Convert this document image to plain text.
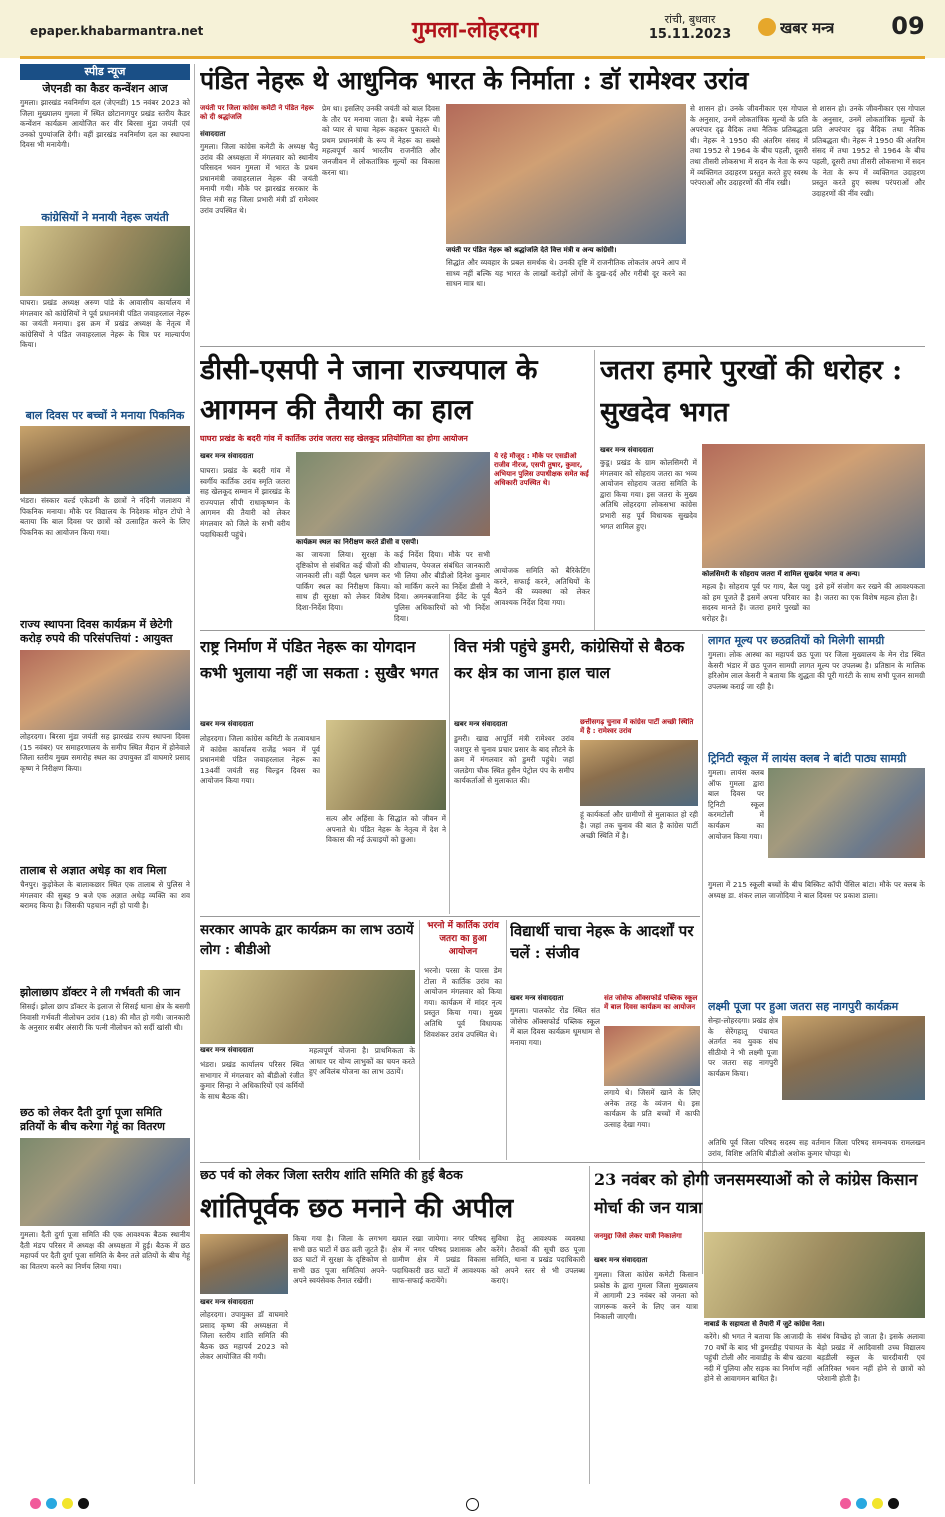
epaper.khabarmantra.net	गुमला-लोहरदगा	रांची, बुधवार
15.11.2023	खबर मन्त्र 09
स्पीड न्यूज
जेएनडी का कैडर कन्वेंशन आज
गुमला। झारखंड नवनिर्माण दल (जेएनडी) 15 नवंबर 2023 को जिला मुख्यालय गुमला में स्थित छोटानागपुर प्रखंड स्तरीय कैडर कन्वेंशन कार्यक्रम आयोजित कर वीर बिरसा मुंडा जयंती एवं उनको पुण्यांजलि देगी। वहीं झारखंड नवनिर्माण दल का स्थापना दिवस भी मनायेगी।
कांग्रेसियों ने मनायी नेहरू जयंती
घाघरा। प्रखंड अध्यक्ष अरुण पांडे के आवासीय कार्यालय में मंगलवार को कांग्रेसियों ने पूर्व प्रधानमंत्री पंडित जवाहरलाल नेहरू का जयंती मनाया। इस क्रम में प्रखंड अध्यक्ष के नेतृत्व में कांग्रेसियों ने पंडित जवाहरलाल नेहरू के चित्र पर माल्यार्पण किया।
बाल दिवस पर बच्चों ने मनाया पिकनिक
भंडरा। संस्कार वर्ल्ड एकेडमी के छात्रों ने नंदिनी जलाशय में पिकनिक मनाया। मौके पर विद्यालय के निदेशक मोहन टोपो ने बताया कि बाल दिवस पर छात्रों को उत्साहित करने के लिए पिकनिक का आयोजन किया गया।
राज्य स्थापना दिवस कार्यक्रम में छेटेगी करोड़ रुपये की परिसंपत्तियां : आयुक्त
लोहरदगा। बिरसा मुंडा जयंती सह झारखंड राज्य स्थापना दिवस (15 नवंबर) पर समाहरणालय के समीप स्थित मैदान में होनेवाले जिला स्तरीय मुख्य समारोह स्थल का उपायुक्त डॉ वाघमारे प्रसाद कृष्ण ने निरीक्षण किया।
तालाब से अज्ञात अधेड़ का शव मिला
चैनपुर। कुड़ोकेल के बालाकछार स्थित एक तालाब से पुलिस ने मंगलवार की सुबह 9 बजे एक अज्ञात अधेड़ व्यक्ति का शव बरामद किया है। जिसकी पहचान नहीं हो पायी है।
झोलाछाप डॉक्टर ने ली गर्भवती की जान
सिसई। झोला छाप डॉक्टर के इलाज से सिसई थाना क्षेत्र के बसगी निवासी गर्भवती नीलोचन उरांव (18) की मौत हो गयी। जानकारी के अनुसार सबीर अंसारी कि पत्नी नीलोचन को सर्दी खांसी थी।
छठ को लेकर दैती दुर्गा पूजा समिति व्रतियों के बीच करेगा गेहूं का वितरण
गुमला। दैती दुर्गा पूजा समिति की एक आवश्यक बैठक स्थानीय दैती मंडप परिसर में अध्यक्ष की अध्यक्षता में हुई। बैठक में छठ महापर्व पर दैती दुर्गा पूजा समिति के बैनर तले व्रतियों के बीच गेहूं का वितरण करने का निर्णय लिया गया।
पंडित नेहरू थे आधुनिक भारत के निर्माता : डॉ रामेश्वर उरांव
जयंती पर जिला कांग्रेस कमेटी ने पंडित नेहरू को दी श्रद्धांजलि
संवाददाता
गुमला। जिला कांग्रेस कमेटी के अध्यक्ष चैतू उरांव की अध्यक्षता में मंगलवार को स्थानीय परिसदन भवन गुमला में भारत के प्रथम प्रधानमंत्री जवाहरलाल नेहरू की जयंती मनायी गयी। मौके पर झारखंड सरकार के वित्त मंत्री सह जिला प्रभारी मंत्री डॉ रामेश्वर उरांव उपस्थित थे।
प्रेम था। इसलिए उनकी जयंती को बाल दिवस के तौर पर मनाया जाता है। बच्चे नेहरू जी को प्यार से चाचा नेहरू कहकर पुकारते थे। प्रथम प्रधानमंत्री के रूप में नेहरू का सबसे महत्वपूर्ण कार्य भारतीय राजनीति और जनजीवन में लोकतांत्रिक मूल्यों का विकास करना था।
जयंती पर पंडित नेहरू को श्रद्धांजलि देते वित्त मंत्री व अन्य कांग्रेसी।
सिद्धांत और व्यवहार के प्रबल समर्थक थे। उनकी दृष्टि में राजनीतिक लोकतंत्र अपने आप में साध्य नहीं बल्कि यह भारत के लाखों करोड़ों लोगों के दुख-दर्द और गरीबी दूर करने का साधन मात्र था।
से शासन हो। उनके जीवनीकार एस गोपाल के अनुसार, उनमें लोकतांत्रिक मूल्यों के प्रति अपरंपार दृढ़ वैदिक तथा नैतिक प्रतिबद्धता थी। नेहरू ने 1950 की अंतरिम संसद में तथा 1952 से 1964 के बीच पहली, दूसरी तथा तीसरी लोकसभा में सदन के नेता के रूप में व्यक्तिगत उदाहरण प्रस्तुत करते हुए स्वस्थ परंपराओं और उदाहरणों की नींव रखी।
से शासन हो। उनके जीवनीकार एस गोपाल के अनुसार, उनमें लोकतांत्रिक मूल्यों के प्रति अपरंपार दृढ़ वैदिक तथा नैतिक प्रतिबद्धता थी। नेहरू ने 1950 की अंतरिम संसद में तथा 1952 से 1964 के बीच पहली, दूसरी तथा तीसरी लोकसभा में सदन के नेता के रूप में व्यक्तिगत उदाहरण प्रस्तुत करते हुए स्वस्थ परंपराओं और उदाहरणों की नींव रखी।
डीसी-एसपी ने जाना राज्यपाल के आगमन की तैयारी का हाल
घाघरा प्रखंड के बदरी गांव में कार्तिक उरांव जतरा सह खेलकूद प्रतियोगिता का होगा आयोजन
खबर मन्त्र संवाददाता
घाघरा। प्रखंड के बदरी गांव में स्वर्गीय कार्तिक उरांव स्मृति जतरा सह खेलकूद सम्मान में झारखंड के राज्यपाल सीपी राधाकृष्णन के आगमन की तैयारी को लेकर मंगलवार को जिले के सभी वरीय पदाधिकारी पहुंचे।
कार्यक्रम स्थल का निरीक्षण करते डीसी व एसपी।
का जायजा लिया। सुरक्षा के दृष्टिकोण से संबंधित कई चीजों की जानकारी ली। वहीं पैदल भ्रमण कर पार्किंग स्थल का निरीक्षण किया। साथ ही सुरक्षा को लेकर विशेष दिशा-निर्देश दिया।
कई निर्देश दिया। मौके पर सभी शौचालय, पेयजल संबंधित जानकारी भी लिया और बीडीओ दिनेश कुमार को मार्किंग करने का निर्देश डीसी ने दिया। अमनबजानिया ईवेंट के पूर्व पुलिस अधिकारियों को भी निर्देश दिया।
ये रहे मौजूद : मौके पर एसडीओ राजीव नीरज, एसपी तुषार, कुमार, अभियान पुलिस उपाधीक्षक समेत कई अधिकारी उपस्थित थे।
आयोजक समिति को बैरिकेटिंग करने, सफाई करने, अतिथियों के बैठने की व्यवस्था को लेकर आवश्यक निर्देश दिया गया।
जतरा हमारे पुरखों की धरोहर : सुखदेव भगत
खबर मन्त्र संवाददाता
कुडू। प्रखंड के ग्राम कोलसिमरी में मंगलवार को सोहराय जतरा का भव्य आयोजन सोहराय जतरा समिति के द्वारा किया गया। इस जतरा के मुख्य अतिथि लोहरदगा लोकसभा कांग्रेस प्रभारी सह पूर्व विधायक सुखदेव भगत शामिल हुए।
कोलसिमरी के सोहराय जतरा में शामिल सुखदेव भगत व अन्य।
महत्व है। सोहराय पूर्व पर गाय, बैल पशु को हम पूजते हैं इसमें अपना परिवार का सदस्य मानते हैं। जतरा हमारे पुरखों का धरोहर है।
इसे हमें संजोग कर रखने की आवश्यकता है। जतरा का एक विशेष महत्व होता है।
राष्ट्र निर्माण में पंडित नेहरू का योगदान कभी भुलाया नहीं जा सकता : सुखैर भगत
खबर मन्त्र संवाददाता
लोहरदगा। जिला कांग्रेस कमिटी के तत्वावधान में कांग्रेस कार्यालय राजेंद्र भवन में पूर्व प्रधानमंत्री पंडित जवाहरलाल नेहरू का 134वीं जयंती सह चिल्ड्रन दिवस का आयोजन किया गया।
सत्य और अहिंसा के सिद्धांत को जीवन में अपनाते थे। पंडित नेहरू के नेतृत्व में देश ने विकास की नई ऊंचाइयों को छुआ।
वित्त मंत्री पहुंचे डुमरी, कांग्रेसियों से बैठक कर क्षेत्र का जाना हाल चाल
छत्तीसगढ़ चुनाव में कांग्रेस पार्टी अच्छी स्थिति में है : रामेश्वर उरांव
खबर मन्त्र संवाददाता
डुमरी। खाद्य आपूर्ति मंत्री रामेश्वर उरांव जशपुर से चुनाव प्रचार प्रसार के बाद लौटने के क्रम में मंगलवार को डुमरी पहुंचे। जहां जलडेगा चौक स्थित हुसैन पेट्रोल पंप के समीप कार्यकर्ताओं से मुलाकात की।
हूं कार्यकर्ता और ग्रामीणों से मुलाकात हो रही है। जहां तक चुनाव की बात है कांग्रेस पार्टी अच्छी स्थिति में है।
लागत मूल्य पर छठव्रतियों को मिलेगी सामग्री
गुमला। लोक आस्था का महापर्व छठ पूजा पर जिला मुख्यालय के मेन रोड स्थित केसरी भंडार में छठ पूजन सामग्री लागत मूल्य पर उपलब्ध है। प्रतिष्ठान के मालिक हरिओम लाल केसरी ने बताया कि शुद्धता की पूरी गारंटी के साथ सभी पूजन सामग्री उपलब्ध कराई जा रही है।
ट्रिनिटी स्कूल में लायंस क्लब ने बांटी पाठ्य सामग्री
गुमला। लायंस क्लब ऑफ गुमला द्वारा बाल दिवस पर ट्रिनिटी स्कूल करमटोली में कार्यक्रम का आयोजन किया गया।
गुमला में 215 स्कूली बच्चों के बीच बिस्किट कॉपी पेंसिल बांटा। मौके पर क्लब के अध्यक्ष डा. शंकर लाल जाजोदिया ने बाल दिवस पर प्रकाश डाला।
लक्ष्मी पूजा पर हुआ जतरा सह नागपुरी कार्यक्रम
सेन्हा-लोहरदगा। प्रखंड क्षेत्र के सेरेंगहातू पंचायत अंतर्गत नव युवक संघ सीठीयो ने भी लक्ष्मी पूजा पर जतरा सह नागपुरी कार्यक्रम किया।
अतिथि पूर्व जिला परिषद सदस्य सह वर्तमान जिला परिषद समन्वयक रामलखन उरांव, विशिष्ट अतिथि बीडीओ अशोक कुमार चोपड़ा थे।
सरकार आपके द्वार कार्यक्रम का लाभ उठायें लोग : बीडीओ
खबर मन्त्र संवाददाता
भंडरा। प्रखंड कार्यालय परिसर स्थित सभागार में मंगलवार को बीडीओ रंजीत कुमार सिन्हा ने अधिकारियों एवं कर्मियों के साथ बैठक की।
महत्वपूर्ण योजना है। प्राथमिकता के आधार पर योग्य लाभुकों का चयन करते हुए अविलंब योजना का लाभ उठायें।
भरनो में कार्तिक उरांव जतरा का हुआ आयोजन
भरनो। परसा के पारस डेम टोला में कार्तिक उरांव का आयोजन मंगलवार को किया गया। कार्यक्रम में मांदर नृत्य प्रस्तुत किया गया। मुख्य अतिथि पूर्व विधायक शिवशंकर उरांव उपस्थित थे।
विद्यार्थी चाचा नेहरू के आदर्शों पर चलें : संजीव
खबर मन्त्र संवाददाता
गुमला। पालकोट रोड स्थित संत जोसेफ ऑक्सफोर्ड पब्लिक स्कूल में बाल दिवस कार्यक्रम धूमधाम से मनाया गया।
संत जोसेफ ऑक्सफोर्ड पब्लिक स्कूल में बाल दिवस कार्यक्रम का आयोजन
लगाये थे। जिसमें खाने के लिए अनेक तरह के व्यंजन थे। इस कार्यक्रम के प्रति बच्चों में काफी उत्साह देखा गया।
छठ पर्व को लेकर जिला स्तरीय शांति समिति की हुई बैठक
शांतिपूर्वक छठ मनाने की अपील
खबर मन्त्र संवाददाता
लोहरदगा। उपायुक्त डॉ वाघमारे प्रसाद कृष्ण की अध्यक्षता में जिला स्तरीय शांति समिति की बैठक छठ महापर्व 2023 को लेकर आयोजित की गयी।
किया गया है। जिला के लगभग सभी छठ घाटों में छठ व्रती जुटते हैं। छठ घाटों में सुरक्षा के दृष्टिकोण से सभी छठ पूजा समितियां अपने-अपने स्वयंसेवक तैनात रखेंगी।
ख्याल रखा जायेगा। नगर परिषद क्षेत्र में नगर परिषद प्रशासक और ग्रामीण क्षेत्र में प्रखंड विकास पदाधिकारी छठ घाटों में आवश्यक साफ-सफाई करायेंगे।
सुविधा हेतु आवश्यक व्यवस्था करेंगे। तैराकों की सूची छठ पूजा समिति, थाना व प्रखंड पदाधिकारी को अपने स्तर से भी उपलब्ध कराएं।
23 नवंबर को होगी जनसमस्याओं को ले कांग्रेस किसान मोर्चा की जन यात्रा
जनमुद्दा जिसे लेकर यात्री निकालेगा
खबर मन्त्र संवाददाता
गुमला। जिला कांग्रेस कमेटी किसान प्रकोष्ठ के द्वारा गुमला जिला मुख्यालय में आगामी 23 नवंबर को जनता को जागरूक करने के लिए जन यात्रा निकाली जाएगी।
नाबार्ड के सहायता से तैयारी में जुटे कांग्रेस नेता।
करेंगे। श्री भगत ने बताया कि आजादी के 70 वर्षों के बाद भी डुमरडीह पंचायत के पहुंची टोली और नावाडीह के बीच खटवा नदी में पुलिया और सड़क का निर्माण नहीं होने से आवागमन बाधित है।
संबंध विच्छेद हो जाता है। इसके अलावा बेड़ो प्रखंड में आदिवासी उच्च विद्यालय बड़डीली स्कूल के चारदीवारी एवं अतिरिक्त भवन नहीं होने से छात्रों को परेशानी होती है।
